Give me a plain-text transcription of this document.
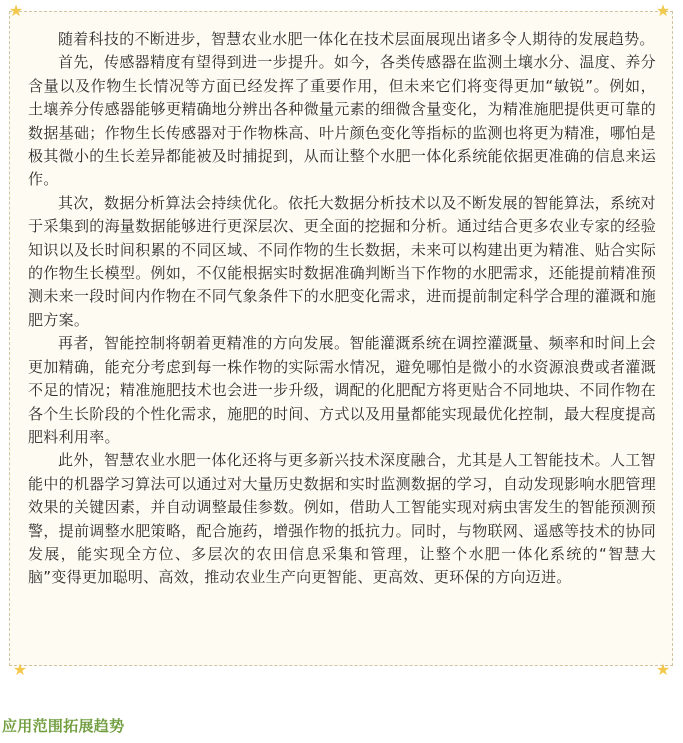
★	★
★	★

随着科技的不断进步，智慧农业水肥一体化在技术层面展现出诸多令人期待的发展趋势。

首先，传感器精度有望得到进一步提升。如今，各类传感器在监测土壤水分、温度、养分含量以及作物生长情况等方面已经发挥了重要作用，但未来它们将变得更加“敏锐”。例如，土壤养分传感器能够更精确地分辨出各种微量元素的细微含量变化，为精准施肥提供更可靠的数据基础；作物生长传感器对于作物株高、叶片颜色变化等指标的监测也将更为精准，哪怕是极其微小的生长差异都能被及时捕捉到，从而让整个水肥一体化系统能依据更准确的信息来运作。

其次，数据分析算法会持续优化。依托大数据分析技术以及不断发展的智能算法，系统对于采集到的海量数据能够进行更深层次、更全面的挖掘和分析。通过结合更多农业专家的经验知识以及长时间积累的不同区域、不同作物的生长数据，未来可以构建出更为精准、贴合实际的作物生长模型。例如，不仅能根据实时数据准确判断当下作物的水肥需求，还能提前精准预测未来一段时间内作物在不同气象条件下的水肥变化需求，进而提前制定科学合理的灌溉和施肥方案。

再者，智能控制将朝着更精准的方向发展。智能灌溉系统在调控灌溉量、频率和时间上会更加精确，能充分考虑到每一株作物的实际需水情况，避免哪怕是微小的水资源浪费或者灌溉不足的情况；精准施肥技术也会进一步升级，调配的化肥配方将更贴合不同地块、不同作物在各个生长阶段的个性化需求，施肥的时间、方式以及用量都能实现最优化控制，最大程度提高肥料利用率。

此外，智慧农业水肥一体化还将与更多新兴技术深度融合，尤其是人工智能技术。人工智能中的机器学习算法可以通过对大量历史数据和实时监测数据的学习，自动发现影响水肥管理效果的关键因素，并自动调整最佳参数。例如，借助人工智能实现对病虫害发生的智能预测预警，提前调整水肥策略，配合施药，增强作物的抵抗力。同时，与物联网、遥感等技术的协同发展，能实现全方位、多层次的农田信息采集和管理，让整个水肥一体化系统的“智慧大脑”变得更加聪明、高效，推动农业生产向更智能、更高效、更环保的方向迈进。

应用范围拓展趋势
